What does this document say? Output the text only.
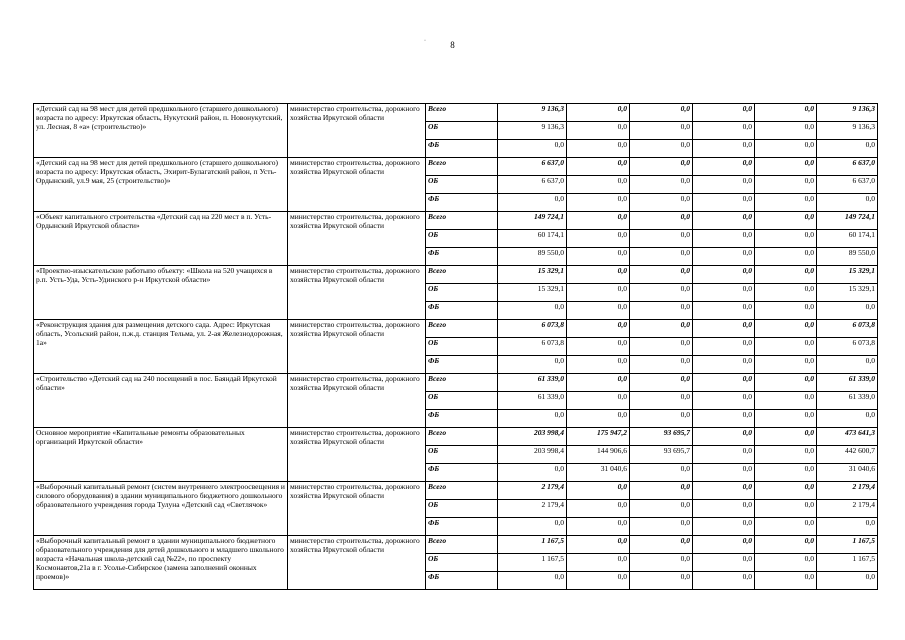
8
·
«Детский сад на 98 мест для детей предшкольного (старшего дошкольного) возраста по адресу: Иркутская область, Нукутский район, п. Новонукутский, ул. Лесная, 8 «а» (строительство)»	министерство строительства, дорожного хозяйства Иркутской области	Всего	9 136,3	0,0	0,0	0,0	0,0	9 136,3
		ОБ	9 136,3	0,0	0,0	0,0	0,0	9 136,3
		ФБ	0,0	0,0	0,0	0,0	0,0	0,0
«Детский сад на 98 мест для детей предшкольного (старшего дошкольного) возраста по адресу: Иркутская область, Эхирит-Булагатский район, п Усть-Ордынский, ул.9 мая, 25 (строительство)»	министерство строительства, дорожного хозяйства Иркутской области	Всего	6 637,0	0,0	0,0	0,0	0,0	6 637,0
		ОБ	6 637,0	0,0	0,0	0,0	0,0	6 637,0
		ФБ	0,0	0,0	0,0	0,0	0,0	0,0
«Объект капитального строительства «Детский сад на 220 мест в п. Усть-Ордынский Иркутской области»	министерство строительства, дорожного хозяйства Иркутской области	Всего	149 724,1	0,0	0,0	0,0	0,0	149 724,1
		ОБ	60 174,1	0,0	0,0	0,0	0,0	60 174,1
		ФБ	89 550,0	0,0	0,0	0,0	0,0	89 550,0
«Проектно-изыскательские работыпо объекту: «Школа на 520 учащихся в р.п. Усть-Уда, Усть-Удинского р-н Иркутской области»	министерство строительства, дорожного хозяйства Иркутской области	Всего	15 329,1	0,0	0,0	0,0	0,0	15 329,1
		ОБ	15 329,1	0,0	0,0	0,0	0,0	15 329,1
		ФБ	0,0	0,0	0,0	0,0	0,0	0,0
«Реконструкция здания для размещения детского сада. Адрес: Иркутская область, Усольский район, п.ж.д. станция Тельма, ул. 2-ая Железнодорожная, 1а»	министерство строительства, дорожного хозяйства Иркутской области	Всего	6 073,8	0,0	0,0	0,0	0,0	6 073,8
		ОБ	6 073,8	0,0	0,0	0,0	0,0	6 073,8
		ФБ	0,0	0,0	0,0	0,0	0,0	0,0
«Строительство «Детский сад на 240 посещений в пос. Баяндай Иркутской области»	министерство строительства, дорожного хозяйства Иркутской области	Всего	61 339,0	0,0	0,0	0,0	0,0	61 339,0
		ОБ	61 339,0	0,0	0,0	0,0	0,0	61 339,0
		ФБ	0,0	0,0	0,0	0,0	0,0	0,0
Основное мероприятие «Капитальные ремонты образовательных организаций Иркутской области»	министерство строительства, дорожного хозяйства Иркутской области	Всего	203 998,4	175 947,2	93 695,7	0,0	0,0	473 641,3
		ОБ	203 998,4	144 906,6	93 695,7	0,0	0,0	442 600,7
		ФБ	0,0	31 040,6	0,0	0,0	0,0	31 040,6
«Выборочный капитальный ремонт (систем внутреннего электроосвещения и силового оборудования) в здании муниципального бюджетного дошкольного образовательного учреждения города Тулуна «Детский сад «Светлячок»	министерство строительства, дорожного хозяйства Иркутской области	Всего	2 179,4	0,0	0,0	0,0	0,0	2 179,4
		ОБ	2 179,4	0,0	0,0	0,0	0,0	2 179,4
		ФБ	0,0	0,0	0,0	0,0	0,0	0,0
«Выборочный капитальный ремонт в здании муниципального бюджетного образовательного учреждения для детей дошкольного и младшего школьного возраста «Начальная школа-детский сад №22», по проспекту Космонавтов,21а в г. Усолье-Сибирское (замена заполнений оконных проемов)»	министерство строительства, дорожного хозяйства Иркутской области	Всего	1 167,5	0,0	0,0	0,0	0,0	1 167,5
		ОБ	1 167,5	0,0	0,0	0,0	0,0	1 167,5
		ФБ	0,0	0,0	0,0	0,0	0,0	0,0
